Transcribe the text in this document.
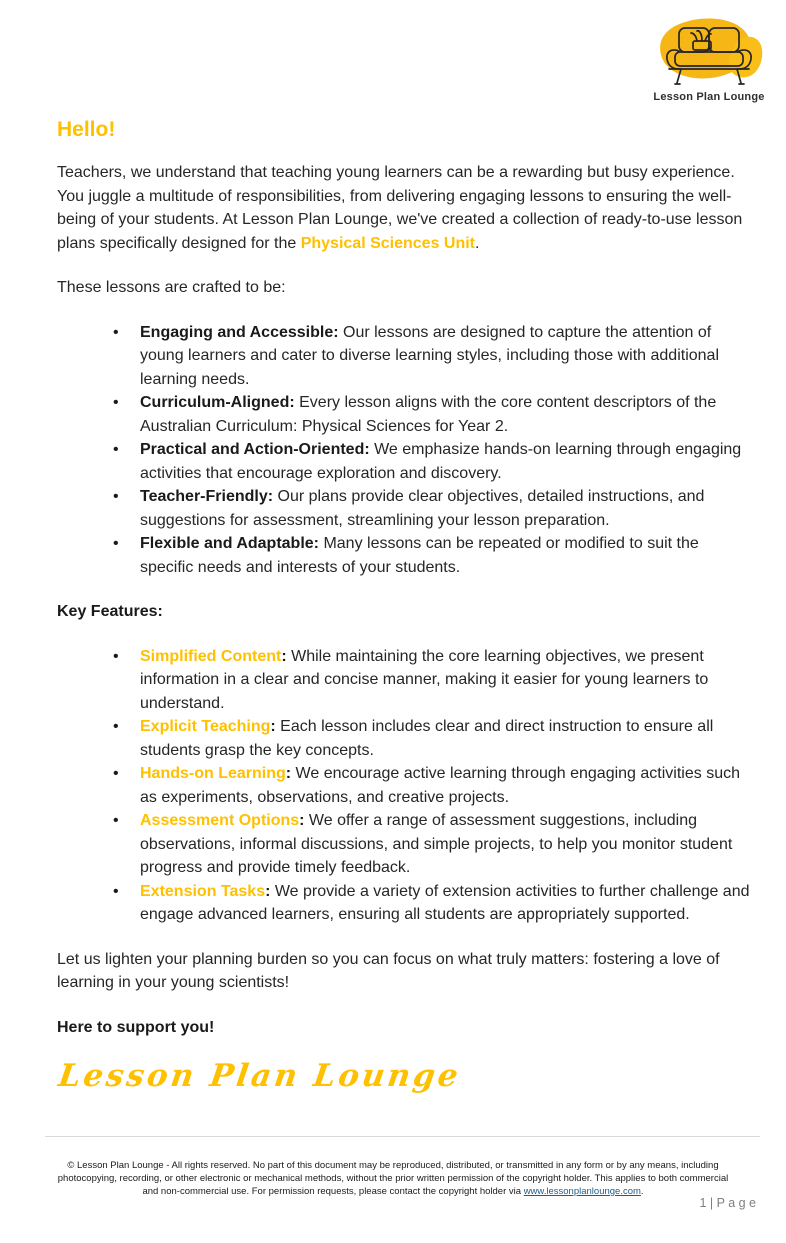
Lesson Plan Lounge
Hello!

Teachers, we understand that teaching young learners can be a rewarding but busy experience. You juggle a multitude of responsibilities, from delivering engaging lessons to ensuring the well-being of your students. At Lesson Plan Lounge, we've created a collection of ready-to-use lesson plans specifically designed for the Physical Sciences Unit.

These lessons are crafted to be:

• Engaging and Accessible: Our lessons are designed to capture the attention of young learners and cater to diverse learning styles, including those with additional learning needs.
• Curriculum-Aligned: Every lesson aligns with the core content descriptors of the Australian Curriculum: Physical Sciences for Year 2.
• Practical and Action-Oriented: We emphasize hands-on learning through engaging activities that encourage exploration and discovery.
• Teacher-Friendly: Our plans provide clear objectives, detailed instructions, and suggestions for assessment, streamlining your lesson preparation.
• Flexible and Adaptable: Many lessons can be repeated or modified to suit the specific needs and interests of your students.

Key Features:

• Simplified Content: While maintaining the core learning objectives, we present information in a clear and concise manner, making it easier for young learners to understand.
• Explicit Teaching: Each lesson includes clear and direct instruction to ensure all students grasp the key concepts.
• Hands-on Learning: We encourage active learning through engaging activities such as experiments, observations, and creative projects.
• Assessment Options: We offer a range of assessment suggestions, including observations, informal discussions, and simple projects, to help you monitor student progress and provide timely feedback.
• Extension Tasks: We provide a variety of extension activities to further challenge and engage advanced learners, ensuring all students are appropriately supported.

Let us lighten your planning burden so you can focus on what truly matters: fostering a love of learning in your young scientists!

Here to support you!

Lesson Plan Lounge
© Lesson Plan Lounge - All rights reserved. No part of this document may be reproduced, distributed, or transmitted in any form or by any means, including photocopying, recording, or other electronic or mechanical methods, without the prior written permission of the copyright holder. This applies to both commercial and non-commercial use. For permission requests, please contact the copyright holder via www.lessonplanlounge.com.
1 | P a g e
